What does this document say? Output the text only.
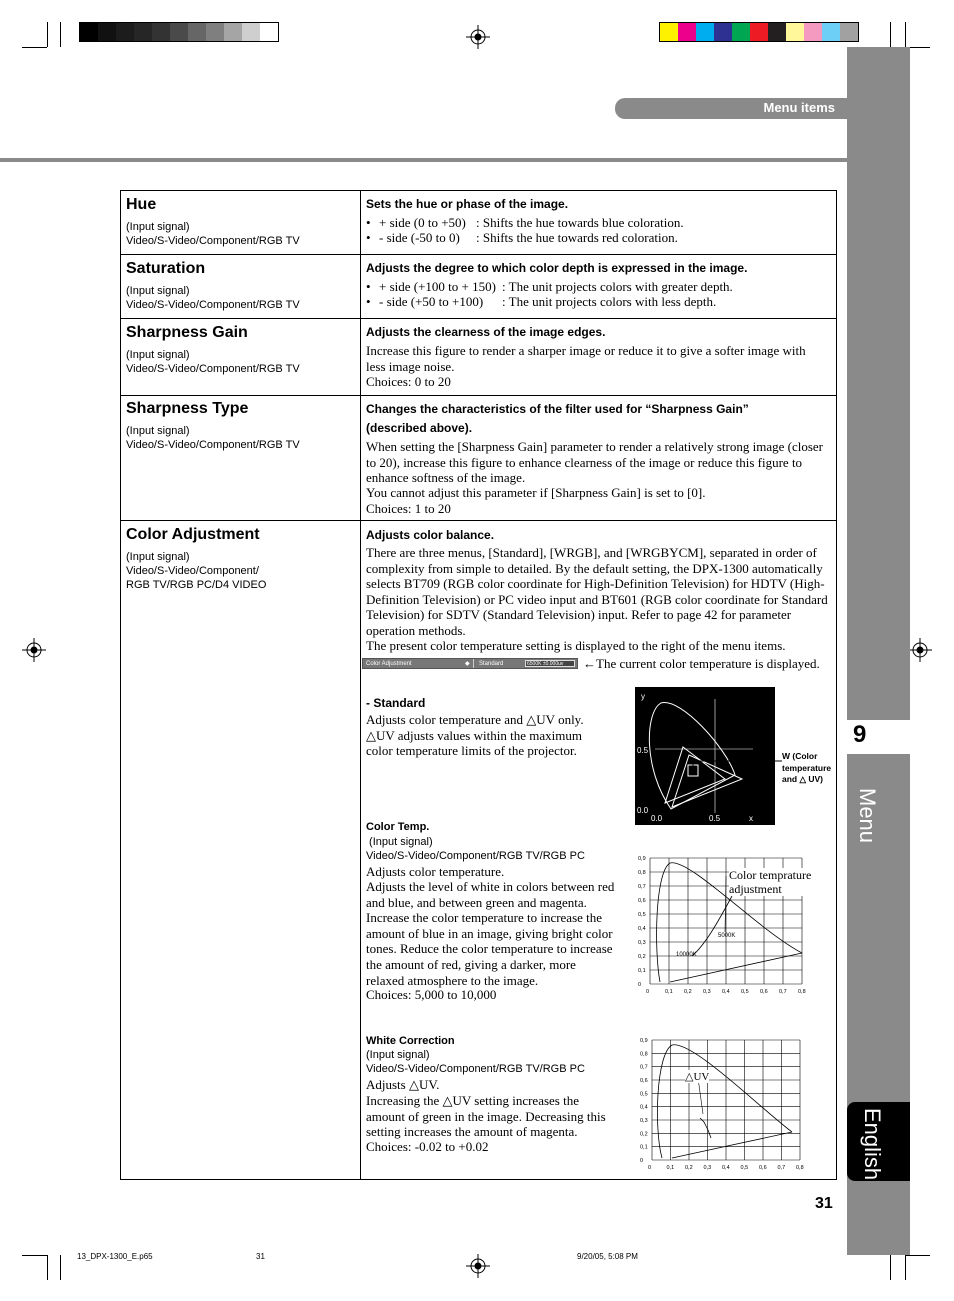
9
Menu
English
Menu items
Hue
(Input signal)
Video/S-Video/Component/RGB TV
Sets the hue or phase of the image.
• + side (0 to +50) : Shifts the hue towards blue coloration.
• - side (-50 to 0) : Shifts the hue towards red coloration.
Saturation
(Input signal)
Video/S-Video/Component/RGB TV
Adjusts the degree to which color depth is expressed in the image.
• + side (+100 to + 150) : The unit projects colors with greater depth.
• - side (+50 to +100) : The unit projects colors with less depth.
Sharpness Gain
(Input signal)
Video/S-Video/Component/RGB TV
Adjusts the clearness of the image edges.
Increase this figure to render a sharper image or reduce it to give a softer image with less image noise.
Choices: 0 to 20
Sharpness Type
(Input signal)
Video/S-Video/Component/RGB TV
Changes the characteristics of the filter used for “Sharpness Gain”
(described above).
When setting the [Sharpness Gain] parameter to render a relatively strong image (closer to 20), increase this figure to enhance clearness of the image or reduce this figure to enhance softness of the image.
You cannot adjust this parameter if [Sharpness Gain] is set to [0].
Choices: 1 to 20
Color Adjustment
(Input signal)
Video/S-Video/Component/
RGB TV/RGB PC/D4 VIDEO
Adjusts color balance.
There are three menus, [Standard], [WRGB], and [WRGBYCM], separated in order of complexity from simple to detailed. By the default setting, the DPX-1300 automatically selects BT709 (RGB color coordinate for High-Definition Television) for HDTV (High-Definition Television) or PC video input and BT601 (RGB color coordinate for Standard Television) for SDTV (Standard Television) input. Refer to page 42 for parameter operation methods.
The present color temperature setting is displayed to the right of the menu items.
Color Adjustment	◆ Standard	6500K ±0.000uv ←The current color temperature is displayed.
- Standard
Adjusts color temperature and △UV only. △UV adjusts values within the maximum color temperature limits of the projector.
y
0.5
0.0
0.0	0.5	x
W (Color temperature and △ UV)
Color Temp.
(Input signal)
Video/S-Video/Component/RGB TV/RGB PC
Adjusts color temperature.
Adjusts the level of white in colors between red and blue, and between green and magenta. Increase the color temperature to increase the amount of blue in an image, giving bright color tones. Reduce the color temperature to increase the amount of red, giving a darker, more relaxed atmosphere to the image.
Choices: 5,000 to 10,000	0	0,1 0,2 0,3 0,4 0,5 0,6 0,7 0,8
0,9
0,8
0,7
0,6
0,5
0,4
0,3
0,2
0,1
0
5000K
10000K
Color temprature adjustment
White Correction
(Input signal)
Video/S-Video/Component/RGB TV/RGB PC
Adjusts △UV.
Increasing the △UV setting increases the amount of green in the image. Decreasing this setting increases the amount of magenta.
Choices: -0.02 to +0.02
0	0,1 0,2 0,3 0,4 0,5 0,6 0,7 0,8
0,9
0,8
0,7
0,6
0,5
0,4
0,3
0,2
0,1
0
△UV
31
13_DPX-1300_E.p65	31	9/20/05, 5:08 PM
